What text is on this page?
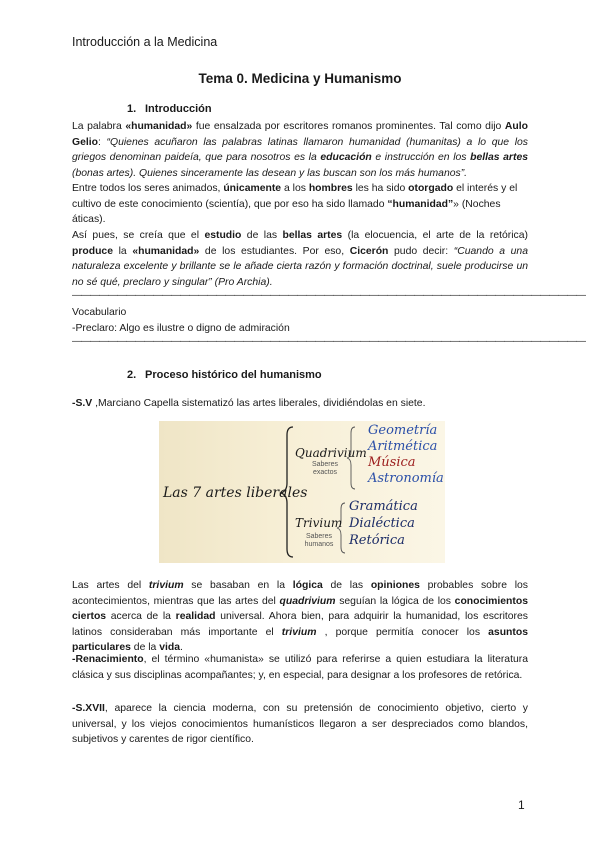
Introducción a la Medicina
Tema 0. Medicina y Humanismo
1. Introducción
La palabra «humanidad» fue ensalzada por escritores romanos prominentes. Tal como dijo Aulo Gelio: “Quienes acuñaron las palabras latinas llamaron humanidad (humanitas) a lo que los griegos denominan paideía, que para nosotros es la educación e instrucción en los bellas artes (bonas artes). Quienes sinceramente las desean y las buscan son los más humanos”.
Entre todos los seres animados, únicamente a los hombres les ha sido otorgado el interés y el cultivo de este conocimiento (scientía), que por eso ha sido llamado “humanidad”» (Noches áticas).
Así pues, se creía que el estudio de las bellas artes (la elocuencia, el arte de la retórica) produce la «humanidad» de los estudiantes. Por eso, Cicerón pudo decir: “Cuando a una naturaleza excelente y brillante se le añade cierta razón y formación doctrinal, suele producirse un no sé qué, preclaro y singular” (Pro Archia).
—————————————————————————————————————————————————————————
Vocabulario
-Preclaro: Algo es ilustre o digno de admiración
—————————————————————————————————————————————————————————
2. Proceso histórico del humanismo
-S.V ,Marciano Capella sistematizó las artes liberales, dividiéndolas en siete.
Las 7 artes liberales
Quadrivium
Saberes exactos
Geometría
Aritmética
Música
Astronomía
Trivium
Saberes humanos
Gramática
Dialéctica
Retórica
Las artes del trivium se basaban en la lógica de las opiniones probables sobre los acontecimientos, mientras que las artes del quadrivium seguían la lógica de los conocimientos ciertos acerca de la realidad universal. Ahora bien, para adquirir la humanidad, los escritores latinos consideraban más importante el trivium , porque permitía conocer los asuntos particulares de la vida.
-Renacimiento, el término «humanista» se utilizó para referirse a quien estudiara la literatura clásica y sus disciplinas acompañantes; y, en especial, para designar a los profesores de retórica.
-S.XVII, aparece la ciencia moderna, con su pretensión de conocimiento objetivo, cierto y universal, y los viejos conocimientos humanísticos llegaron a ser despreciados como blandos, subjetivos y carentes de rigor científico.
1
